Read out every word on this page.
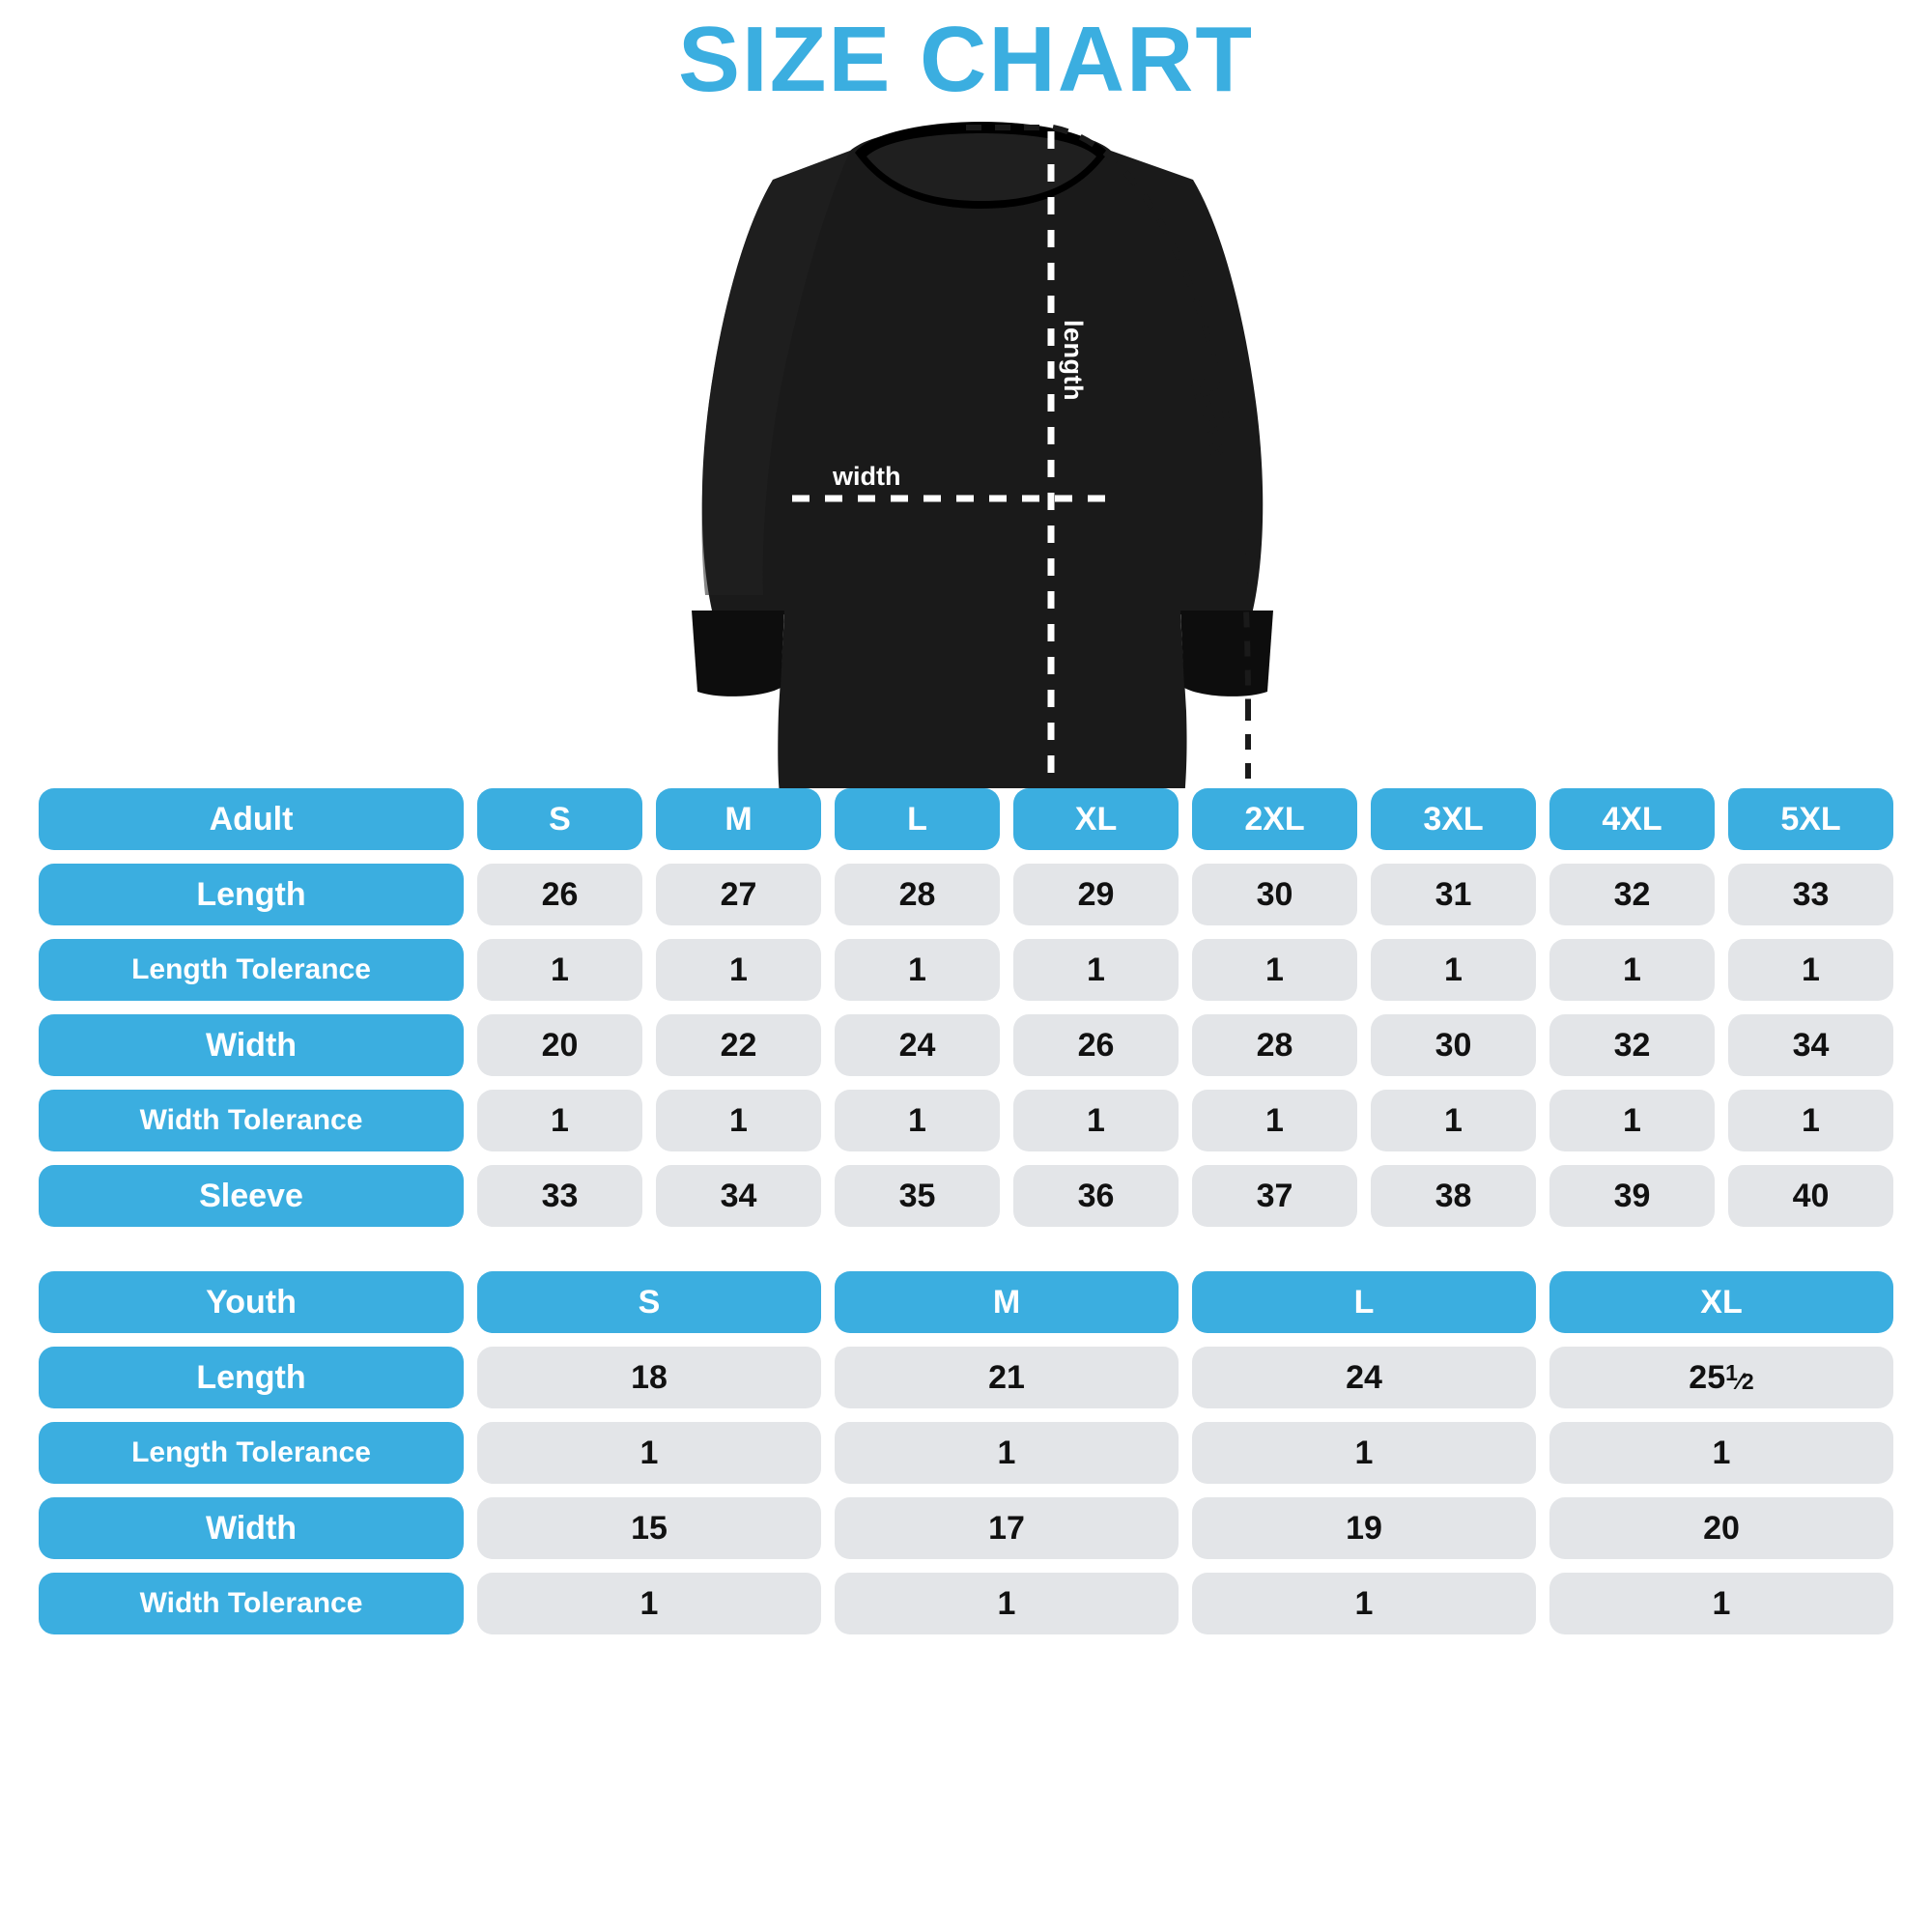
SIZE CHART
length
width
sleeve
Adult	S	M	L	XL	2XL	3XL	4XL	5XL
Length	26	27	28	29	30	31	32	33
Length Tolerance	1	1	1	1	1	1	1	1
Width	20	22	24	26	28	30	32	34
Width Tolerance	1	1	1	1	1	1	1	1
Sleeve	33	34	35	36	37	38	39	40
Youth	S	M	L	XL
Length	18	21	24	25 $^1$⁄2
Length Tolerance	1	1	1	1
Width	15	17	19	20
Width Tolerance	1	1	1	1
